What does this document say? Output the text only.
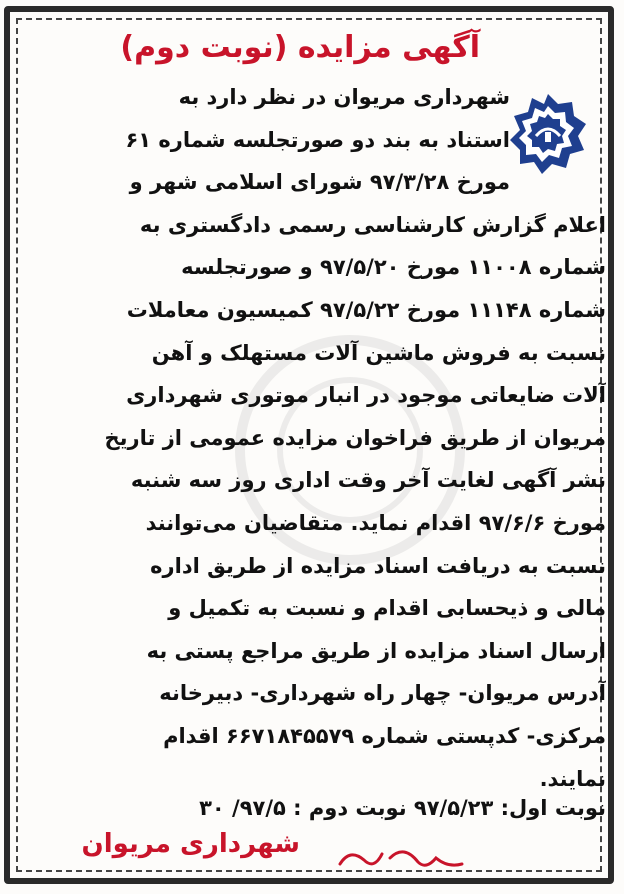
آگهی مزایده (نوبت دوم)
شهرداری مریوان در نظر دارد به
استناد به بند دو صورتجلسه شماره ۶۱
مورخ ۹۷/۳/۲۸ شورای اسلامی شهر و
اعلام گزارش کارشناسی رسمی دادگستری به
شماره ۱۱۰۰۸ مورخ ۹۷/۵/۲۰ و صورتجلسه
شماره ۱۱۱۴۸ مورخ ۹۷/۵/۲۲ کمیسیون معاملات
نسبت به فروش ماشین آلات مستهلک و آهن
آلات ضایعاتی موجود در انبار موتوری شهرداری
مریوان از طریق فراخوان مزایده عمومی از تاریخ
نشر آگهی لغایت آخر وقت اداری روز سه شنبه
مورخ ۹۷/۶/۶ اقدام نماید. متقاضیان می‌توانند
نسبت به دریافت اسناد مزایده از طریق اداره
مالی و ذیحسابی اقدام و نسبت به تکمیل و
ارسال اسناد مزایده از طریق مراجع پستی به
آدرس مریوان- چهار راه شهرداری- دبیرخانه
مرکزی- کدپستی شماره ۶۶۷۱۸۴۵۵۷۹ اقدام
نمایند.
نوبت اول: ۹۷/۵/۲۳ نوبت دوم : ۹۷/۵/ ۳۰
شهرداری مریوان
